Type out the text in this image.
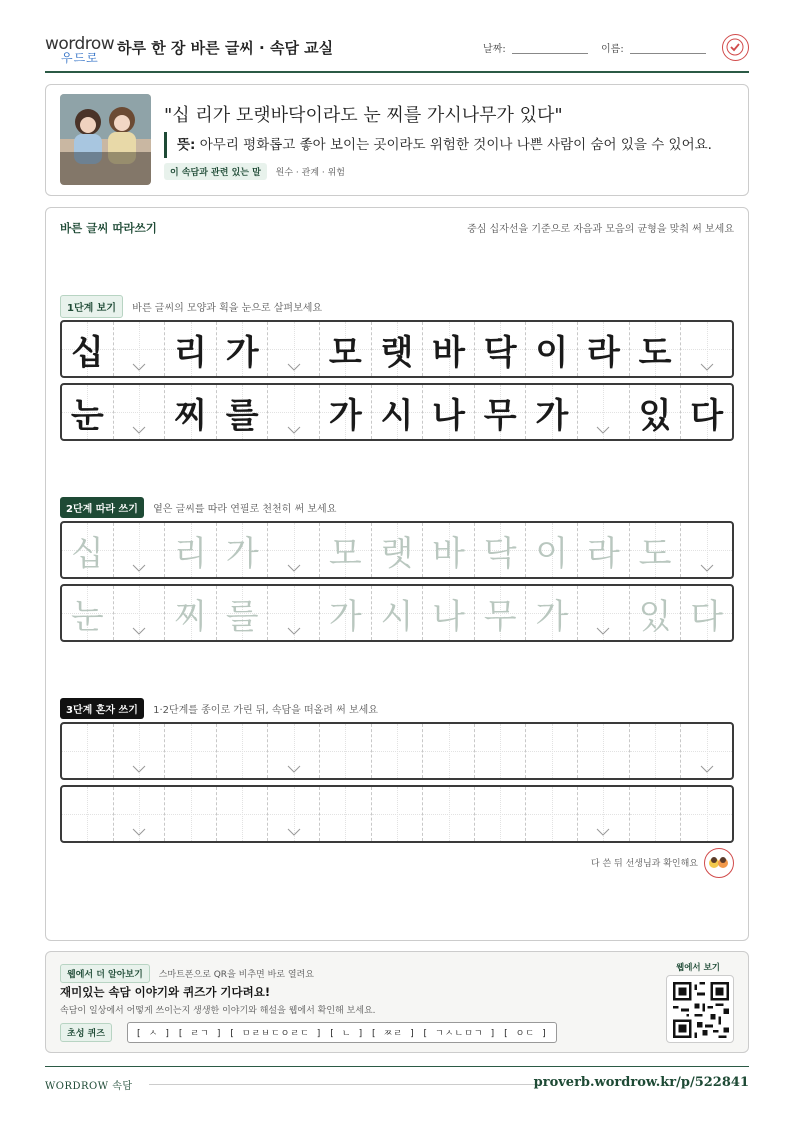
wordrow
우드로
하루 한 장 바른 글씨 · 속담 교실	날짜:	이름:
"십 리가 모랫바닥이라도 눈 찌를 가시나무가 있다"
뜻: 아무리 평화롭고 좋아 보이는 곳이라도 위험한 것이나 나쁜 사람이 숨어 있을 수 있어요.
이 속담과 관련 있는 말 원수 · 관계 · 위험
바른 글씨 따라쓰기	중심 십자선을 기준으로 자음과 모음의 균형을 맞춰 써 보세요
1단계 보기 바른 글씨의 모양과 획을 눈으로 살펴보세요
십 리 가 모 랫 바 닥 이 라 도
눈 찌 를 가 시 나 무 가 있 다
2단계 따라 쓰기 옅은 글씨를 따라 연필로 천천히 써 보세요
십 리 가 모 랫 바 닥 이 라 도
눈 찌 를 가 시 나 무 가 있 다
3단계 혼자 쓰기 1·2단계를 종이로 가린 뒤, 속담을 떠올려 써 보세요
다 쓴 뒤 선생님과 확인해요
웹에서 더 알아보기 스마트폰으로 QR을 비추면 바로 열려요
재미있는 속담 이야기와 퀴즈가 기다려요!
속담이 일상에서 어떻게 쓰이는지 생생한 이야기와 해설을 웹에서 확인해 보세요.
초성 퀴즈	[ ㅅ ] [ ㄹㄱ ] [ ㅁㄹㅂㄷㅇㄹㄷ ] [ ㄴ ] [ ㅉㄹ ] [ ㄱㅅㄴㅁㄱ ] [ ㅇㄷ ]
웹에서 보기
WORDROW 속담	proverb.wordrow.kr/p/522841
